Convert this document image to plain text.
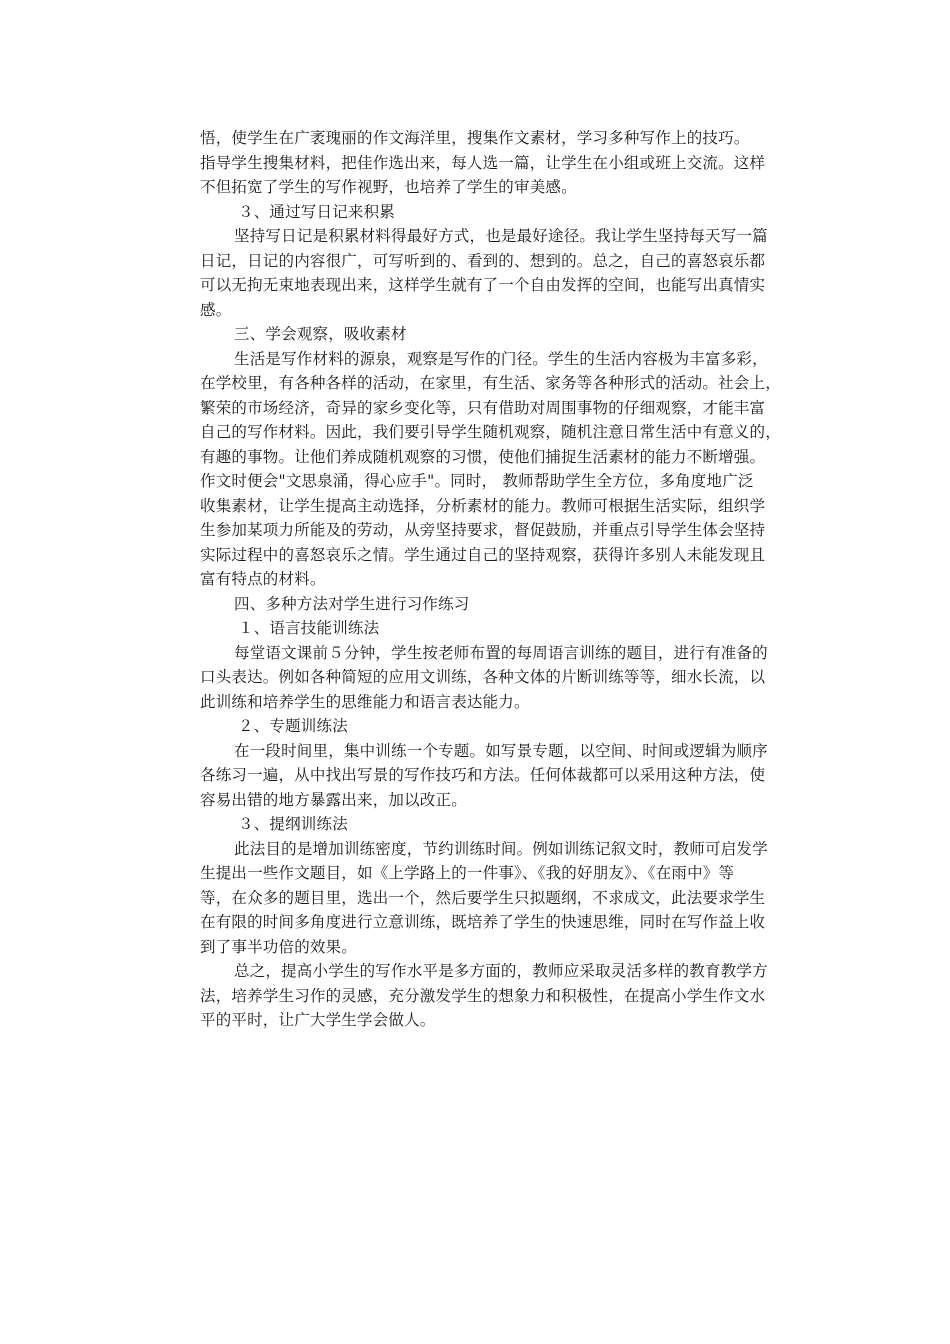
悟，使学生在广袤瑰丽的作文海洋里，搜集作文素材，学习多种写作上的技巧。
指导学生搜集材料，把佳作选出来，每人选一篇，让学生在小组或班上交流。这样
不但拓宽了学生的写作视野，也培养了学生的审美感。
３、通过写日记来积累
坚持写日记是积累材料得最好方式，也是最好途径。我让学生坚持每天写一篇
日记，日记的内容很广，可写听到的、看到的、想到的。总之，自己的喜怒哀乐都
可以无拘无束地表现出来，这样学生就有了一个自由发挥的空间，也能写出真情实
感。
三、学会观察，吸收素材
生活是写作材料的源泉，观察是写作的门径。学生的生活内容极为丰富多彩，
在学校里，有各种各样的活动，在家里，有生活、家务等各种形式的活动。社会上，
繁荣的市场经济，奇异的家乡变化等，只有借助对周围事物的仔细观察，才能丰富
自己的写作材料。因此，我们要引导学生随机观察，随机注意日常生活中有意义的，
有趣的事物。让他们养成随机观察的习惯，使他们捕捉生活素材的能力不断增强。
作文时便会"文思泉涌，得心应手"。同时， 教师帮助学生全方位，多角度地广泛
收集素材，让学生提高主动选择，分析素材的能力。教师可根据生活实际，组织学
生参加某项力所能及的劳动，从旁坚持要求，督促鼓励，并重点引导学生体会坚持
实际过程中的喜怒哀乐之情。学生通过自己的坚持观察，获得许多别人未能发现且
富有特点的材料。
四、多种方法对学生进行习作练习
１、语言技能训练法
每堂语文课前５分钟，学生按老师布置的每周语言训练的题目，进行有准备的
口头表达。例如各种简短的应用文训练，各种文体的片断训练等等，细水长流，以
此训练和培养学生的思维能力和语言表达能力。
２、专题训练法
在一段时间里，集中训练一个专题。如写景专题，以空间、时间或逻辑为顺序
各练习一遍，从中找出写景的写作技巧和方法。任何体裁都可以采用这种方法，使
容易出错的地方暴露出来，加以改正。
３、提纲训练法
此法目的是增加训练密度，节约训练时间。例如训练记叙文时，教师可启发学
生提出一些作文题目，如《上学路上的一件事》、《我的好朋友》、《在雨中》等
等，在众多的题目里，选出一个，然后要学生只拟题纲，不求成文，此法要求学生
在有限的时间多角度进行立意训练，既培养了学生的快速思维，同时在写作益上收
到了事半功倍的效果。
总之，提高小学生的写作水平是多方面的，教师应采取灵活多样的教育教学方
法，培养学生习作的灵感，充分激发学生的想象力和积极性，在提高小学生作文水
平的平时，让广大学生学会做人。
